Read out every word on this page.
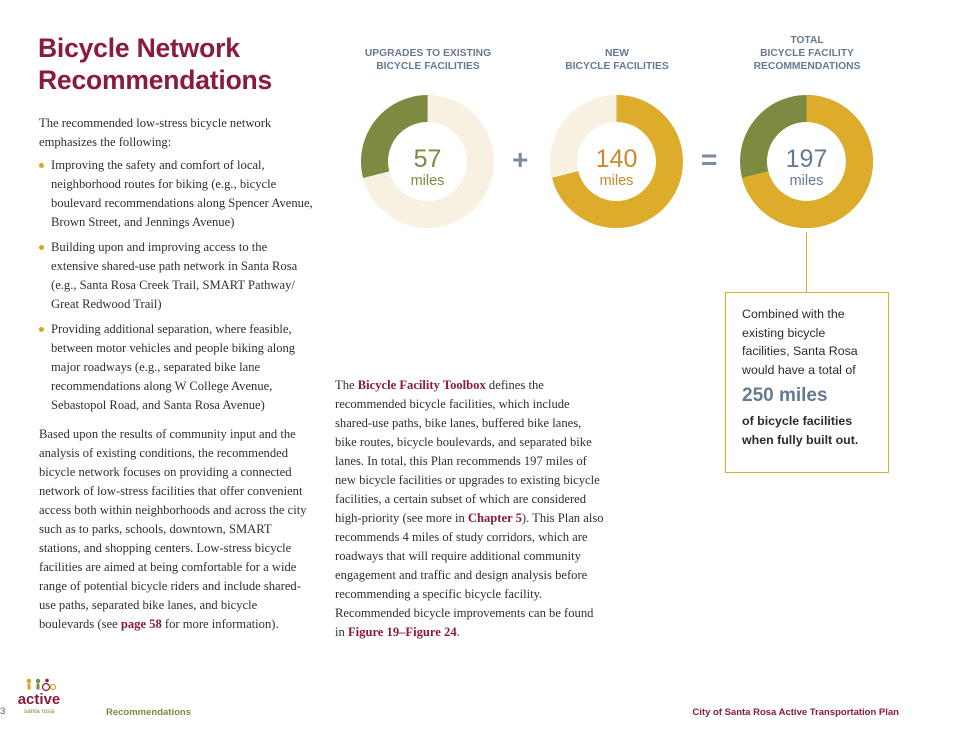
Bicycle Network
Recommendations

The recommended low-stress bicycle network emphasizes the following:

Improving the safety and comfort of local, neighborhood routes for biking (e.g., bicycle boulevard recommendations along Spencer Avenue, Brown Street, and Jennings Avenue)
Building upon and improving access to the extensive shared-use path network in Santa Rosa (e.g., Santa Rosa Creek Trail, SMART Pathway/ Great Redwood Trail)
Providing additional separation, where feasible, between motor vehicles and people biking along major roadways (e.g., separated bike lane recommendations along W College Avenue, Sebastopol Road, and Santa Rosa Avenue)

Based upon the results of community input and the analysis of existing conditions, the recommended bicycle network focuses on providing a connected network of low-stress facilities that offer convenient access both within neighborhoods and across the city such as to parks, schools, downtown, SMART stations, and shopping centers. Low-stress bicycle facilities are aimed at being comfortable for a wide range of potential bicycle riders and include shared-use paths, separated bike lanes, and bicycle boulevards (see page 58 for more information).

The Bicycle Facility Toolbox defines the recommended bicycle facilities, which include shared-use paths, bike lanes, buffered bike lanes, bike routes, bicycle boulevards, and separated bike lanes. In total, this Plan recommends 197 miles of new bicycle facilities or upgrades to existing bicycle facilities, a certain subset of which are considered high-priority (see more in Chapter 5). This Plan also recommends 4 miles of study corridors, which are roadways that will require additional community engagement and traffic and design analysis before recommending a specific bicycle facility. Recommended bicycle improvements can be found in Figure 19–Figure 24.

UPGRADES TO EXISTING
BICYCLE FACILITIES
NEW
BICYCLE FACILITIES
TOTAL
BICYCLE FACILITY
RECOMMENDATIONS
57
miles
+	140
miles
=	197
miles
Combined with the existing bicycle facilities, Santa Rosa would have a total of
250 miles
of bicycle facilities when fully built out.
3
active
santa rosa	Recommendations	City of Santa Rosa Active Transportation Plan
